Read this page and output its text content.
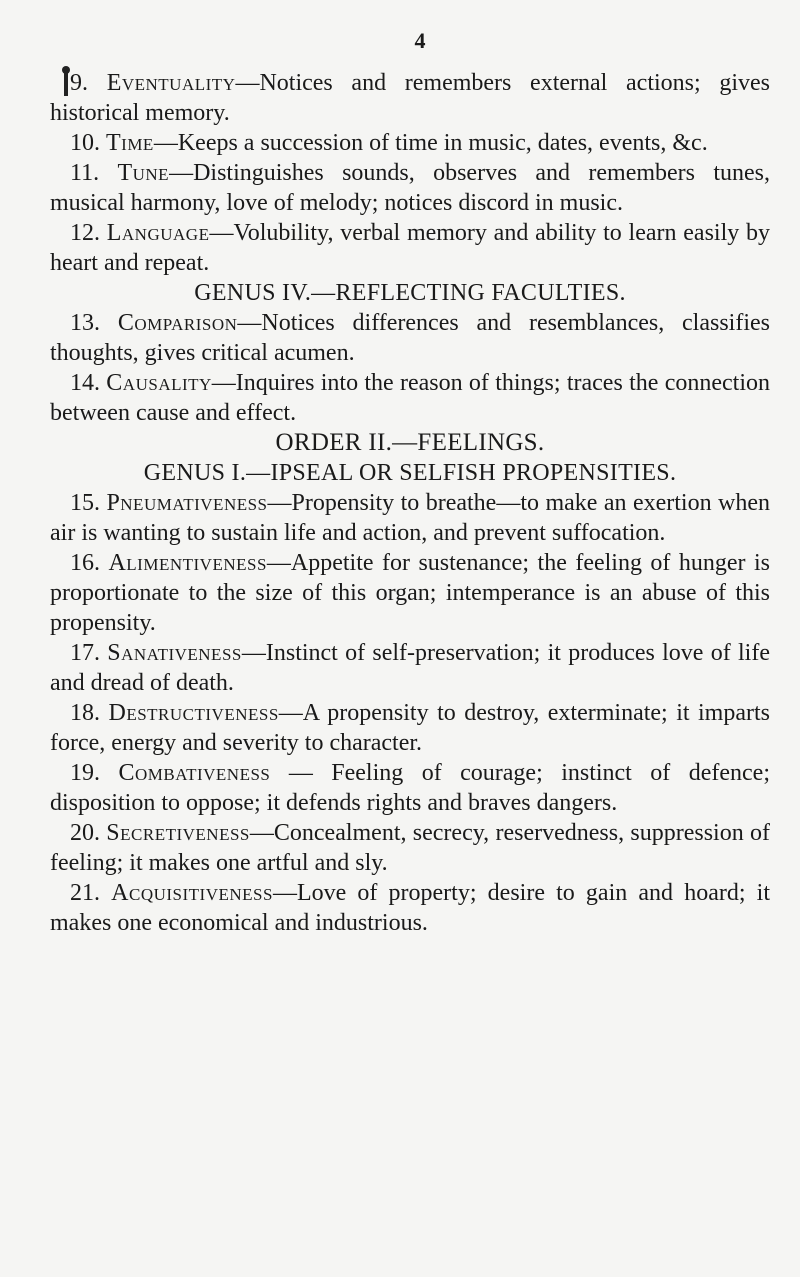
4

9. Eventuality—Notices and remembers external actions; gives historical memory.

10. Time—Keeps a succession of time in music, dates, events, &c.

11. Tune—Distinguishes sounds, observes and remembers tunes, musical harmony, love of melody; notices discord in music.

12. Language—Volubility, verbal memory and ability to learn easily by heart and repeat.

GENUS IV.—REFLECTING FACULTIES.

13. Comparison—Notices differences and resemblances, classifies thoughts, gives critical acumen.

14. Causality—Inquires into the reason of things; traces the connection between cause and effect.

ORDER II.—FEELINGS.

GENUS I.—IPSEAL OR SELFISH PROPENSITIES.

15. Pneumativeness—Propensity to breathe—to make an exertion when air is wanting to sustain life and action, and prevent suffocation.

16. Alimentiveness—Appetite for sustenance; the feeling of hunger is proportionate to the size of this organ; intemperance is an abuse of this propensity.

17. Sanativeness—Instinct of self-preservation; it produces love of life and dread of death.

18. Destructiveness—A propensity to destroy, exterminate; it imparts force, energy and severity to character.

19. Combativeness — Feeling of courage; instinct of defence; disposition to oppose; it defends rights and braves dangers.

20. Secretiveness—Concealment, secrecy, reservedness, suppression of feeling; it makes one artful and sly.

21. Acquisitiveness—Love of property; desire to gain and hoard; it makes one economical and industrious.
